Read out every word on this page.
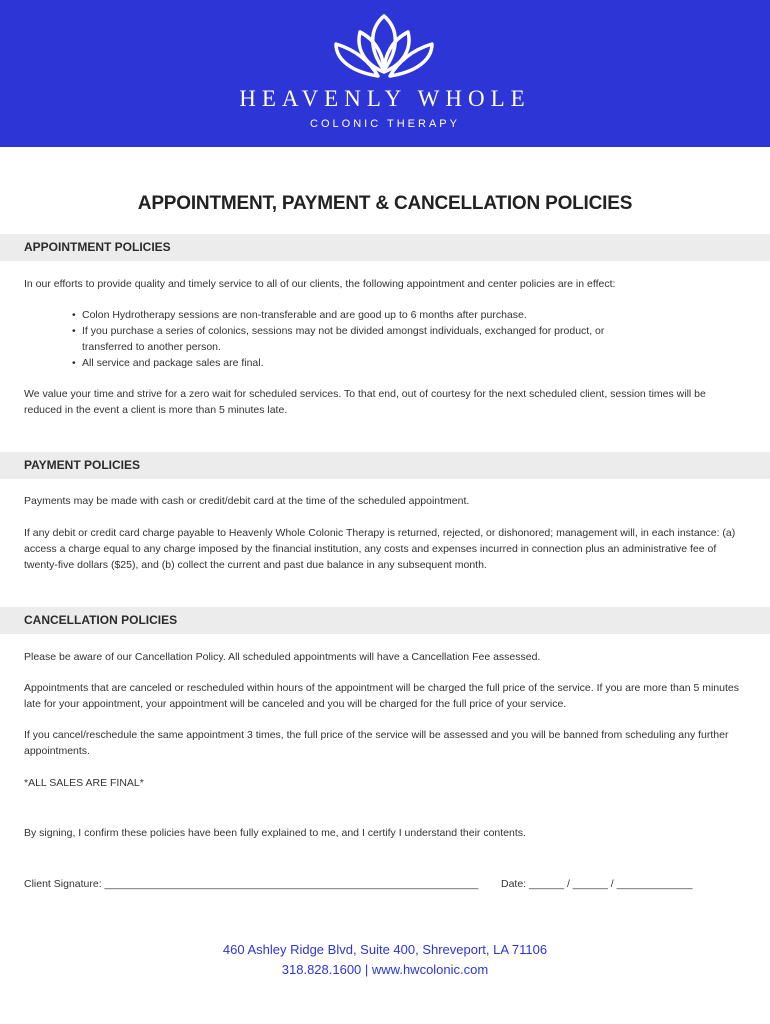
HEAVENLY WHOLE
COLONIC THERAPY
APPOINTMENT, PAYMENT & CANCELLATION POLICIES
APPOINTMENT POLICIES
In our efforts to provide quality and timely service to all of our clients, the following appointment and center policies are in effect:
• Colon Hydrotherapy sessions are non-transferable and are good up to 6 months after purchase.
• If you purchase a series of colonics, sessions may not be divided amongst individuals, exchanged for product, or transferred to another person.
• All service and package sales are final.
We value your time and strive for a zero wait for scheduled services. To that end, out of courtesy for the next scheduled client, session times will be reduced in the event a client is more than 5 minutes late.
PAYMENT POLICIES
Payments may be made with cash or credit/debit card at the time of the scheduled appointment.
If any debit or credit card charge payable to Heavenly Whole Colonic Therapy is returned, rejected, or dishonored; management will, in each instance: (a) access a charge equal to any charge imposed by the financial institution, any costs and expenses incurred in connection plus an administrative fee of twenty-five dollars ($25), and (b) collect the current and past due balance in any subsequent month.
CANCELLATION POLICIES
Please be aware of our Cancellation Policy. All scheduled appointments will have a Cancellation Fee assessed.
Appointments that are canceled or rescheduled within hours of the appointment will be charged the full price of the service. If you are more than 5 minutes late for your appointment, your appointment will be canceled and you will be charged for the full price of your service.
If you cancel/reschedule the same appointment 3 times, the full price of the service will be assessed and you will be banned from scheduling any further appointments.
*ALL SALES ARE FINAL*
By signing, I confirm these policies have been fully explained to me, and I certify I understand their contents.
Client Signature: ________________________________________________________________	Date: ______ / ______ / _____________
460 Ashley Ridge Blvd, Suite 400, Shreveport, LA 71106
318.828.1600 | www.hwcolonic.com
